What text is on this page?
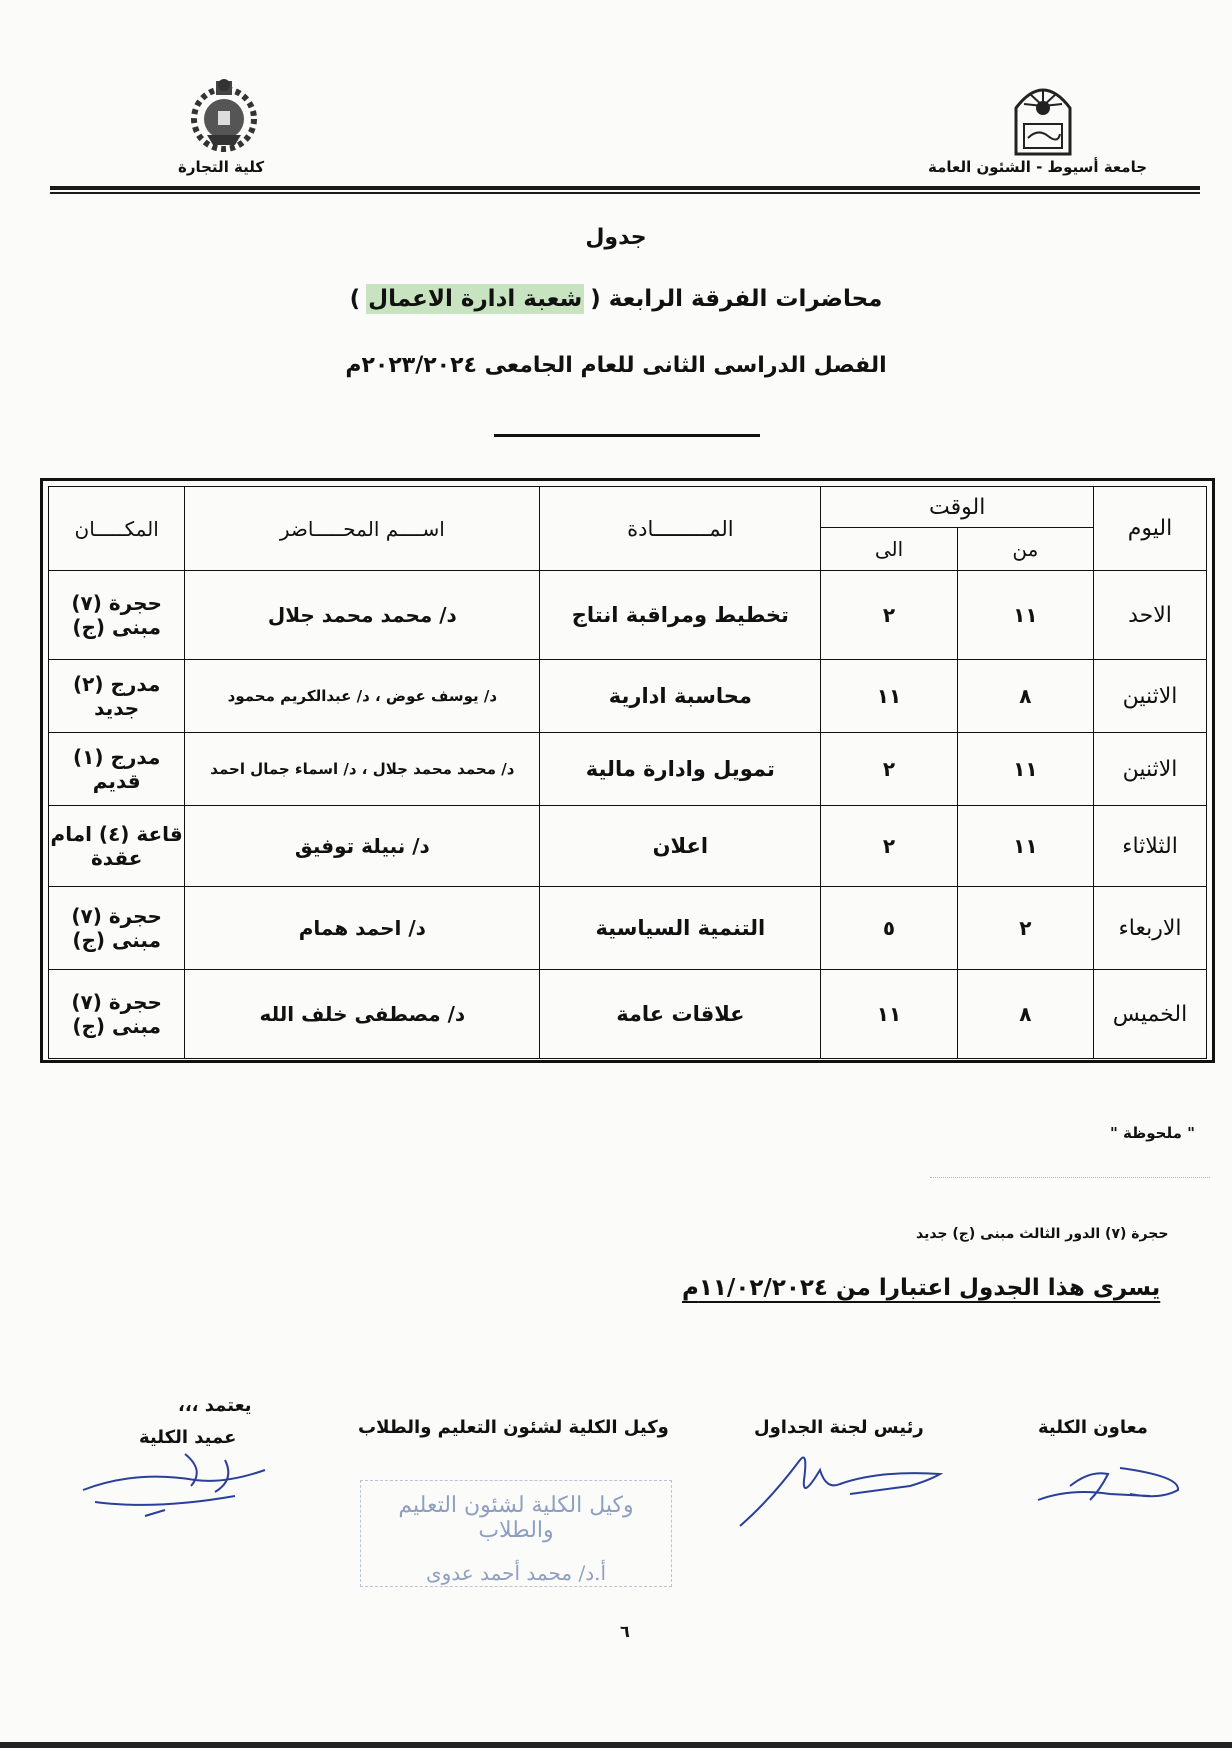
كلية التجارة	جامعة أسيوط - الشئون العامة
جدول
محاضرات الفرقة الرابعة ( شعبة ادارة الاعمال )
الفصل الدراسى الثانى للعام الجامعى ٢٠٢٣/٢٠٢٤م
اليوم	الوقت		المـــــــــادة	اســــم المحـــــاضر	المكـــــان
	من	الى			
الاحد	١١	٢	تخطيط ومراقبة انتاج	د/ محمد محمد جلال	حجرة (٧) مبنى (ج)
الاثنين	٨	١١	محاسبة ادارية	د/ يوسف عوض ، د/ عبدالكريم محمود	مدرج (٢) جديد
الاثنين	١١	٢	تمويل وادارة مالية	د/ محمد محمد جلال ، د/ اسماء جمال احمد	مدرج (١) قديم
الثلاثاء	١١	٢	اعلان	د/ نبيلة توفيق	قاعة (٤) امام عقدة
الاربعاء	٢	٥	التنمية السياسية	د/ احمد همام	حجرة (٧) مبنى (ج)
الخميس	٨	١١	علاقات عامة	د/ مصطفى خلف الله	حجرة (٧) مبنى (ج)
" ملحوظة "
حجرة (٧) الدور الثالث مبنى (ج) جديد
يسرى هذا الجدول اعتبارا من ١١/٠٢/٢٠٢٤م
معاون الكلية
رئيس لجنة الجداول
وكيل الكلية لشئون التعليم والطلاب
يعتمد ،،،
عميد الكلية
وكيل الكلية لشئون التعليم والطلاب
أ.د/ محمد أحمد عدوى
٦
